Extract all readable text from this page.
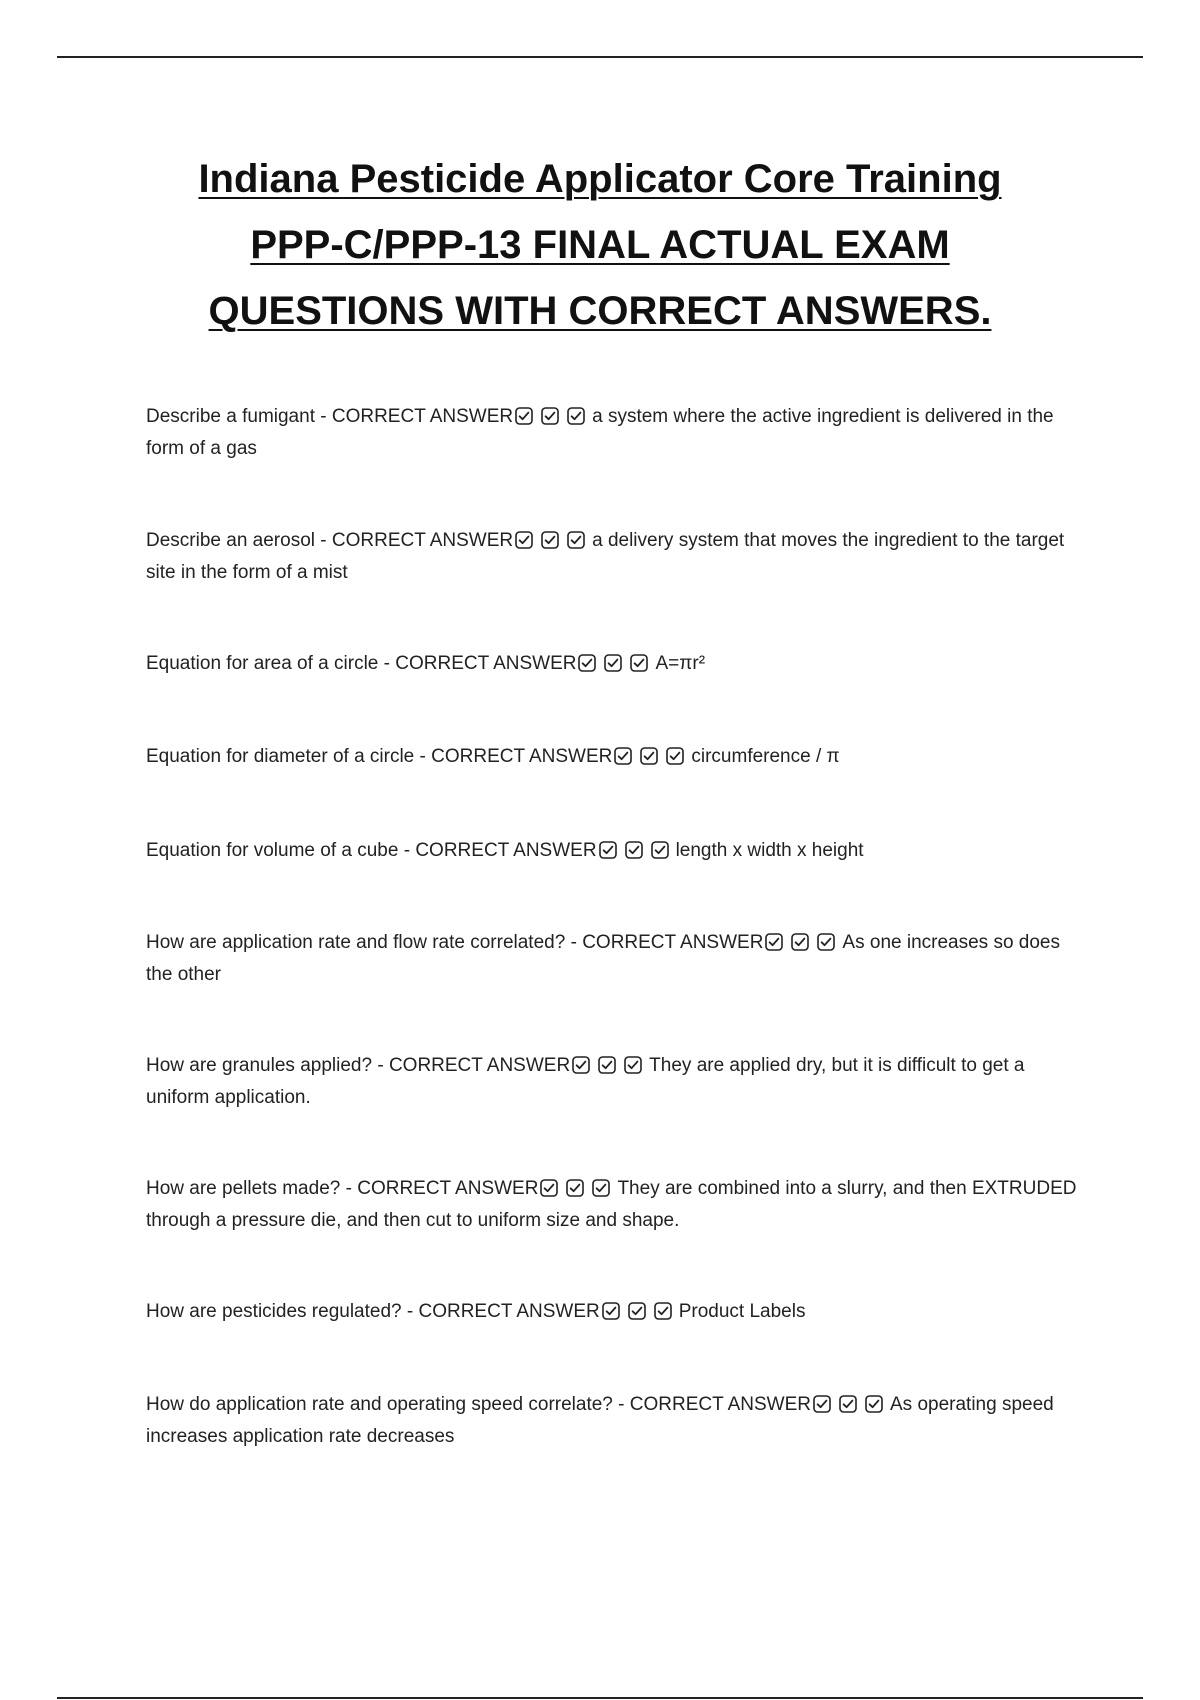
Indiana Pesticide Applicator Core Training
PPP-C/PPP-13 FINAL ACTUAL EXAM
QUESTIONS WITH CORRECT ANSWERS.
Describe a fumigant - CORRECT ANSWER	a system where the active ingredient is delivered in the form of a gas
Describe an aerosol - CORRECT ANSWER	a delivery system that moves the ingredient to the target site in the form of a mist
Equation for area of a circle - CORRECT ANSWER	A=πr²
Equation for diameter of a circle - CORRECT ANSWER	circumference / π
Equation for volume of a cube - CORRECT ANSWER	length x width x height
How are application rate and flow rate correlated? - CORRECT ANSWER	As one increases so does the other
How are granules applied? - CORRECT ANSWER	They are applied dry, but it is difficult to get a uniform application.
How are pellets made? - CORRECT ANSWER	They are combined into a slurry, and then EXTRUDED through a pressure die, and then cut to uniform size and shape.
How are pesticides regulated? - CORRECT ANSWER	Product Labels
How do application rate and operating speed correlate? - CORRECT ANSWER	As operating speed increases application rate decreases
